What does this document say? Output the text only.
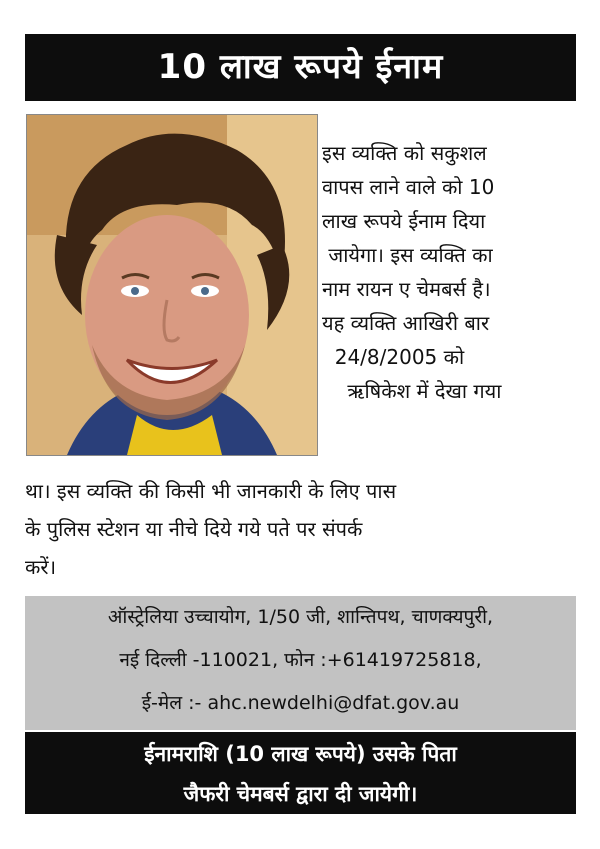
10 लाख रूपये ईनाम
इस व्यक्ति को सकुशल
वापस लाने वाले को 10
लाख रूपये ईनाम दिया
जायेगा। इस व्यक्ति का
नाम रायन ए चेमबर्स है।
यह व्यक्ति आखिरी बार
24/8/2005 को
ऋषिकेश में देखा गया
था। इस व्यक्ति की किसी भी जानकारी के लिए पास
के पुलिस स्टेशन या नीचे दिये गये पते पर संपर्क
करें।
ऑस्ट्रेलिया उच्चायोग, 1/50 जी, शान्तिपथ, चाणक्यपुरी,
नई दिल्ली -110021, फोन :+61419725818,
ई-मेल :- ahc.newdelhi@dfat.gov.au
ईनामराशि (10 लाख रूपये) उसके पिता
जैफरी चेमबर्स द्वारा दी जायेगी।
